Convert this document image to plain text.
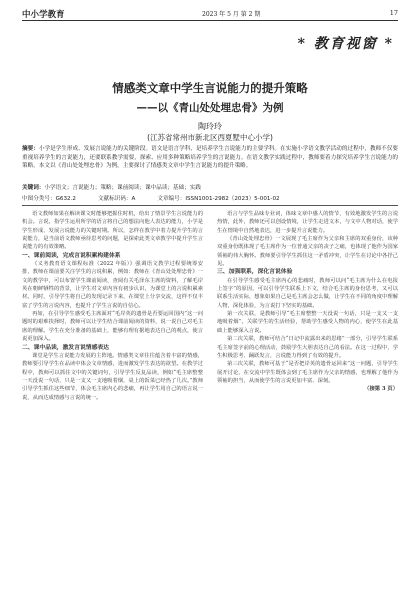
中小学教育	2023 年 5 月 第 2 期	17
* 教育视窗 *
情感类文章中学生言说能力的提升策略
——以《青山处处埋忠骨》为例
陶玲玲
(江苏省常州市新北区西夏墅中心小学)
摘要：小学是学生形成、发展言说能力的关键阶段。语文是语言学科，是培养学生言说能力的主要学科。在实施小学语文教学活动的过程中，教师不仅要重视培养学生的言说能力，还要联系教学需要，探索、应用多种策略培养学生的言说能力。在语文教学实践过程中，教师要着力探究培养学生言说能力的策略。本文以《青山处处埋忠骨》为例，主要探讨了情感类文章中学生言说能力的提升策略。
关键词：小学语文；言说能力；策略；课前阅读；课中品读；基础；实践
中图分类号：G632.2	文献标识码：A	文章编号：ISSN1001-2982（2023）5-001-02

语文教师如果在解读课文时能够把握住时机，给出了情景学生言说能力的机会。言说，指学生运用所学的语言将自己的想法向他人表达的能力，小学是学生形成、发展言说能力的关键时期。所以，怎样在教学中着力提升学生的言说能力，是当前语文教师亟待思考的问题，是探索此类文章教学中提升学生言说能力的有效策略。

一、课前阅读，完成言说积累构建体系

《义务教育语文课程标准（2022 年版）》强调语文教学过程要统筹安排，教师在课前要关注学生的言说积累，例如：教师在《青山处处埋忠骨》一文的教学中，可以布置学生课前阅读，查阅有关毛泽东主席的资料，了解毛岸英在朝鲜牺牲的背景，让学生对文章内容有初步认识，为课堂上的言说积累素材。同时，引导学生将自己的发现记录下来，在课堂上分享交流，这样不仅丰富了学生的言说内容，也提升了学生言说的自信心。

再如，在引导学生感受毛主席面对“毛岸英的遗骨是否要运回国内”这一问题时的艰难抉择时，教师可以让学生结合课前阅读的资料，说一说自己对毛主席的理解。学生在充分准备的基础上，能够有理有据地表达自己的观点，使言说更加深入。

二、课中品读，激发言说情感表达

课堂是学生言说能力发展的主阵地。情感类文章往往蕴含着丰富的情感，教师要引导学生在品读中体会文章情感，进而激发学生表达的欲望。在教学过程中，教师可以抓住文中的关键词句，引导学生反复品读，例如“毛主席整整一天没说一句话，只是一支又一支地吸着烟，桌上的饭菜已经热了几次。”教师引导学生抓住这些细节，体会毛主席内心的悲痛，再让学生用自己的语言说一说，从而达成情感与言说的统一。

语言与学生品味专业词，体味文章中感人的情节，有效地激发学生的言说热情，此外，教师还可以创设情境，让学生走进文本，与文中人物对话，使学生在情境中自然地表达，进一步提升言说能力。

《青山处处埋忠骨》一文展现了毛主席作为父亲和主席的双重身份，该种双重身份既体现了毛主席作为一位普通父亲的丧子之痛，也体现了他作为国家领袖的伟大胸怀。教师要引导学生抓住这一矛盾冲突，让学生在讨论中各抒己见。

三、加强联系，深化言说体验

在引导学生感受毛主席内心的悲痛时，教师可以问“毛主席为什么在电报上签字”的原因，可以引导学生联系上下文，结合毛主席的身份思考，又可以联系生活实际，想象如果自己是毛主席会怎么做，让学生在不同的角度中理解人物，深化体验，为言说打下坚实的基础。

第一次关联，是教师引导“毛主席整整一天没说一句话，只是一支又一支地吸着烟”，关联学生的生活经验，帮助学生感受人物的内心，使学生在此基础上能够深入言说。

第二次关联，教师可结合“日记中流露出来的思绪”一部分，引导学生联系毛主席签字前的心理活动，鼓励学生大胆表达自己的看法。在这一过程中，学生积极思考、踊跃发言，言说能力得到了有效的提升。

第三次关联，教师可基于“是否把岸英的遗骨运回来”这一问题，引导学生展开讨论，在交流中学生既体会到了毛主席作为父亲的情感，也理解了他作为领袖的担当，从而使学生的言说更加丰富、深刻。

（接第 3 页）
